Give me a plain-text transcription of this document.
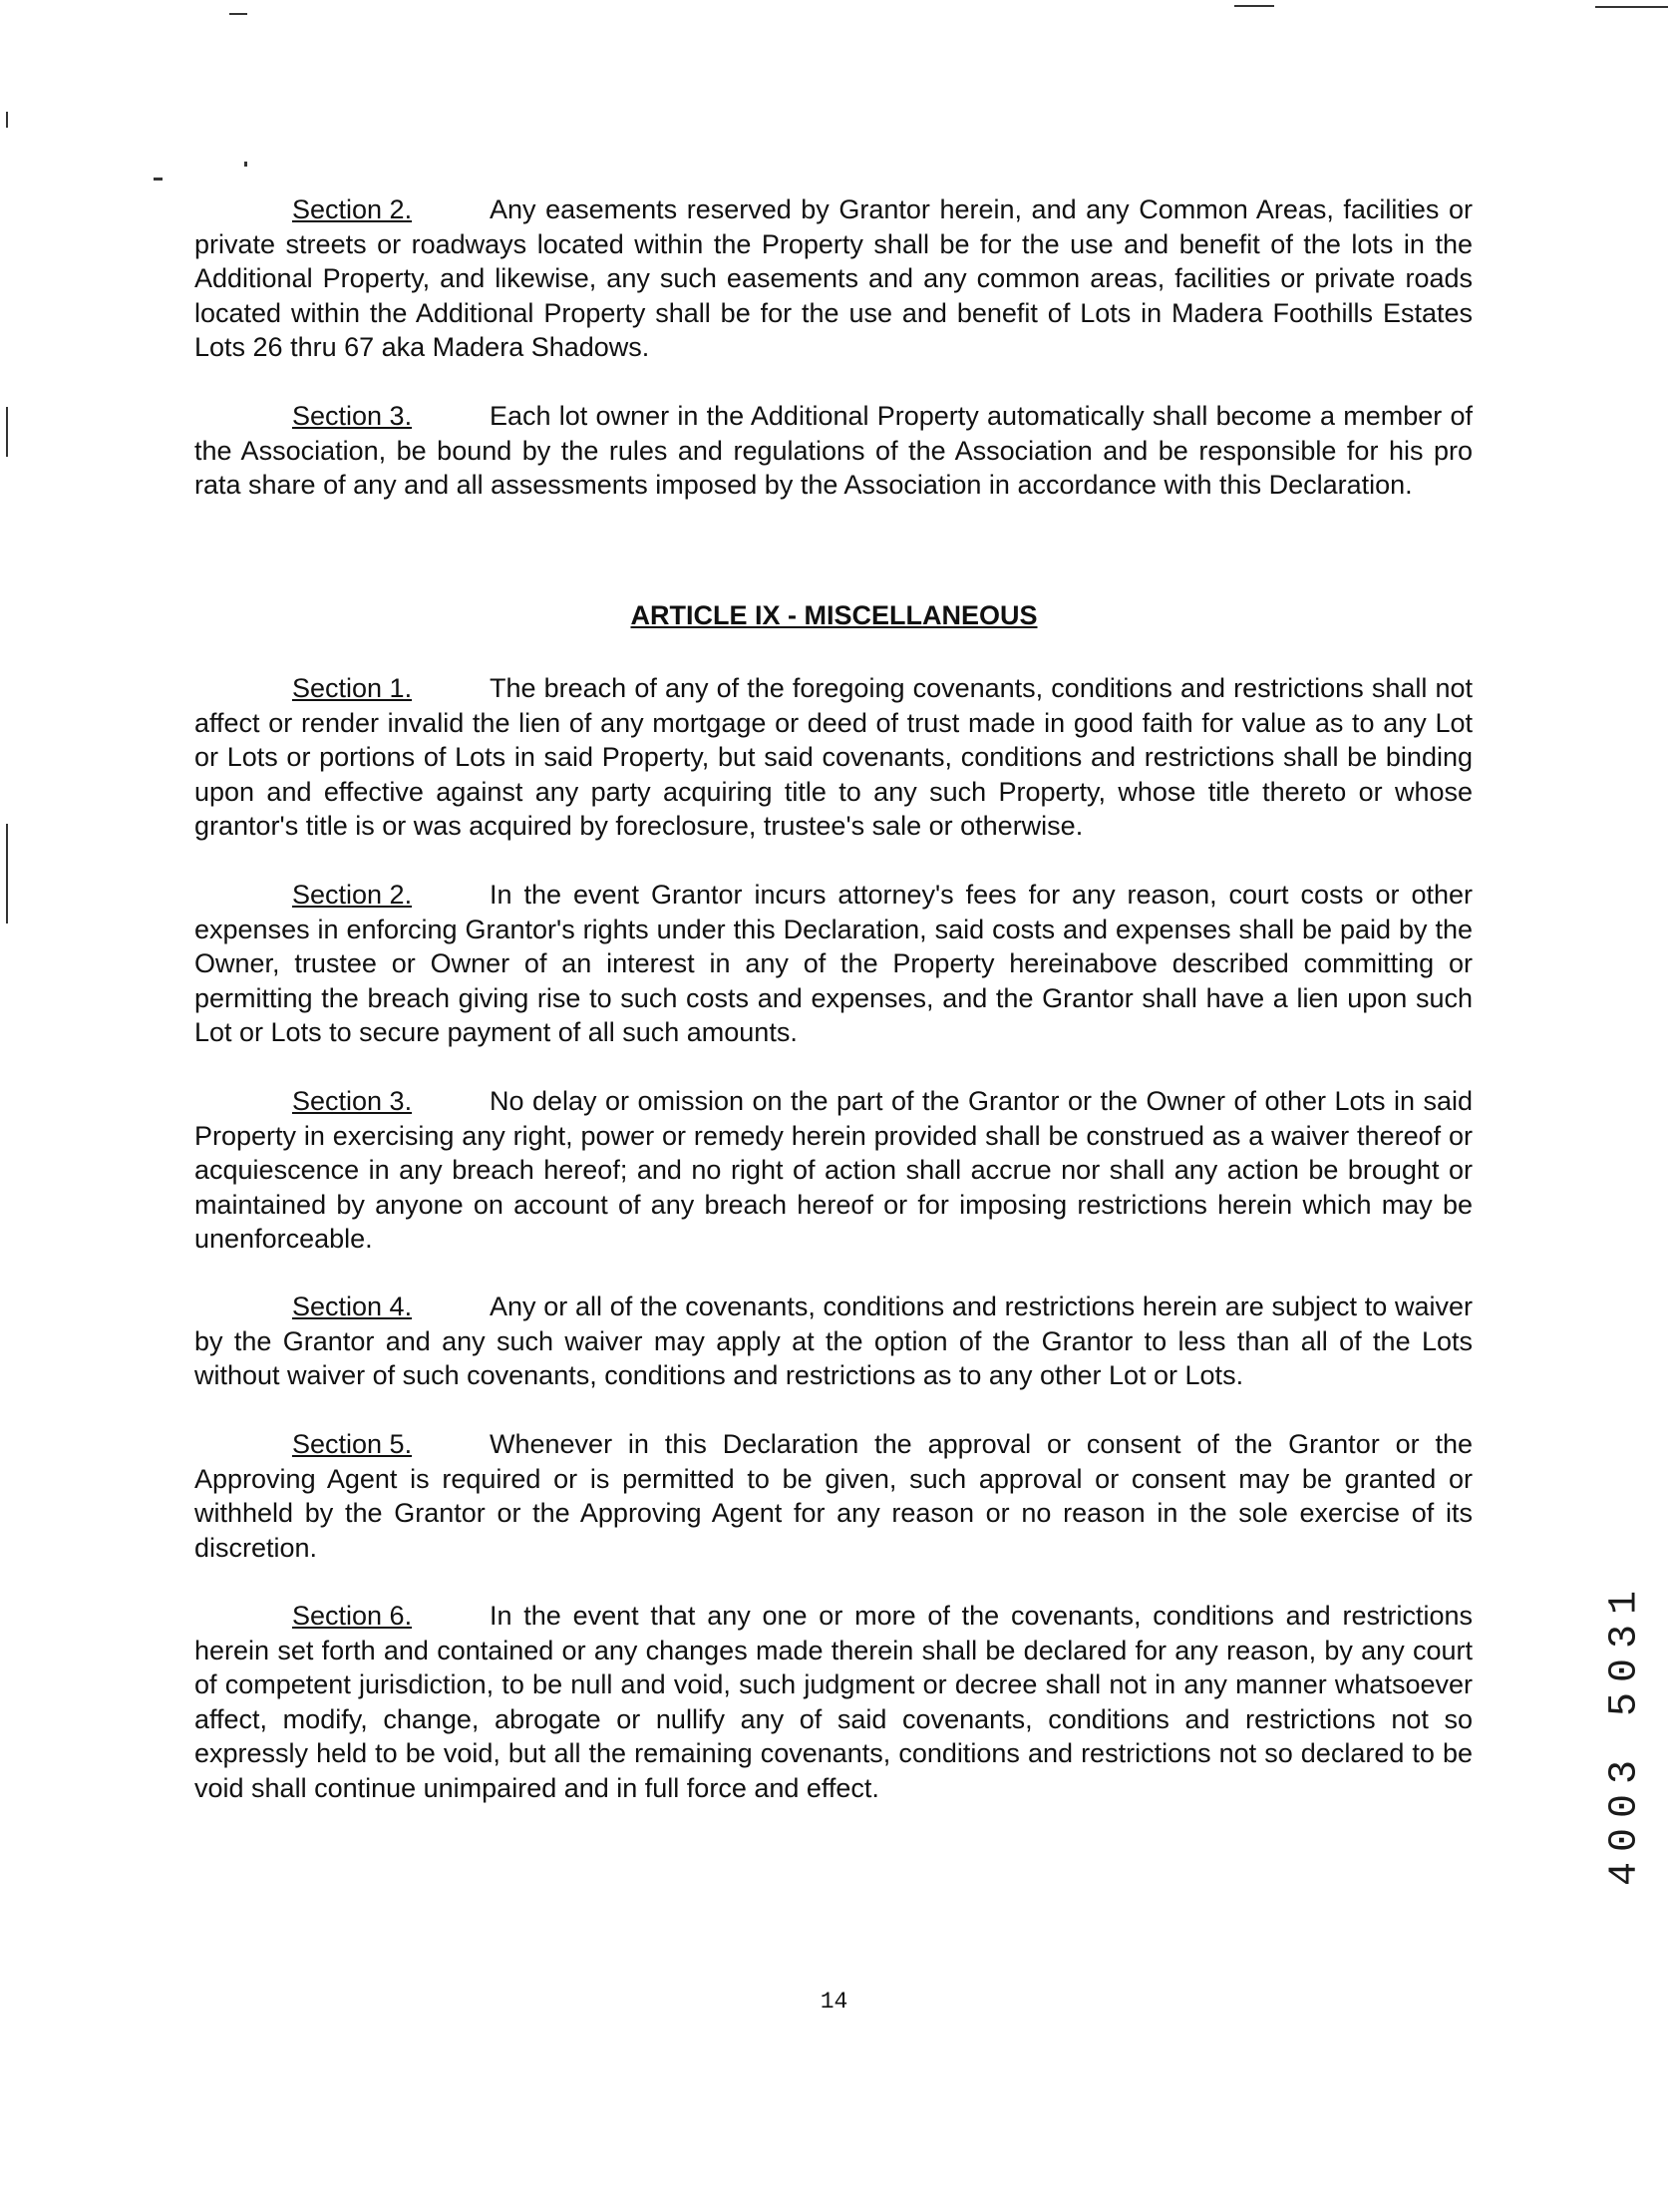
Section 2.	Any easements reserved by Grantor herein, and any Common Areas, facilities or private streets or roadways located within the Property shall be for the use and benefit of the lots in the Additional Property, and likewise, any such easements and any common areas, facilities or private roads located within the Additional Property shall be for the use and benefit of Lots in Madera Foothills Estates Lots 26 thru 67 aka Madera Shadows.

Section 3.	Each lot owner in the Additional Property automatically shall become a member of the Association, be bound by the rules and regulations of the Association and be responsible for his pro rata share of any and all assessments imposed by the Association in accordance with this Declaration.

ARTICLE IX - MISCELLANEOUS

Section 1.	The breach of any of the foregoing covenants, conditions and restrictions shall not affect or render invalid the lien of any mortgage or deed of trust made in good faith for value as to any Lot or Lots or portions of Lots in said Property, but said covenants, conditions and restrictions shall be binding upon and effective against any party acquiring title to any such Property, whose title thereto or whose grantor's title is or was acquired by foreclosure, trustee's sale or otherwise.

Section 2.	In the event Grantor incurs attorney's fees for any reason, court costs or other expenses in enforcing Grantor's rights under this Declaration, said costs and expenses shall be paid by the Owner, trustee or Owner of an interest in any of the Property hereinabove described committing or permitting the breach giving rise to such costs and expenses, and the Grantor shall have a lien upon such Lot or Lots to secure payment of all such amounts.

Section 3.	No delay or omission on the part of the Grantor or the Owner of other Lots in said Property in exercising any right, power or remedy herein provided shall be construed as a waiver thereof or acquiescence in any breach hereof; and no right of action shall accrue nor shall any action be brought or maintained by anyone on account of any breach hereof or for imposing restrictions herein which may be unenforceable.

Section 4.	Any or all of the covenants, conditions and restrictions herein are subject to waiver by the Grantor and any such waiver may apply at the option of the Grantor to less than all of the Lots without waiver of such covenants, conditions and restrictions as to any other Lot or Lots.

Section 5.	Whenever in this Declaration the approval or consent of the Grantor or the Approving Agent is required or is permitted to be given, such approval or consent may be granted or withheld by the Grantor or the Approving Agent for any reason or no reason in the sole exercise of its discretion.

Section 6.	In the event that any one or more of the covenants, conditions and restrictions herein set forth and contained or any changes made therein shall be declared for any reason, by any court of competent jurisdiction, to be null and void, such judgment or decree shall not in any manner whatsoever affect, modify, change, abrogate or nullify any of said covenants, conditions and restrictions not so expressly held to be void, but all the remaining covenants, conditions and restrictions not so declared to be void shall continue unimpaired and in full force and effect.

14

4003 5031
